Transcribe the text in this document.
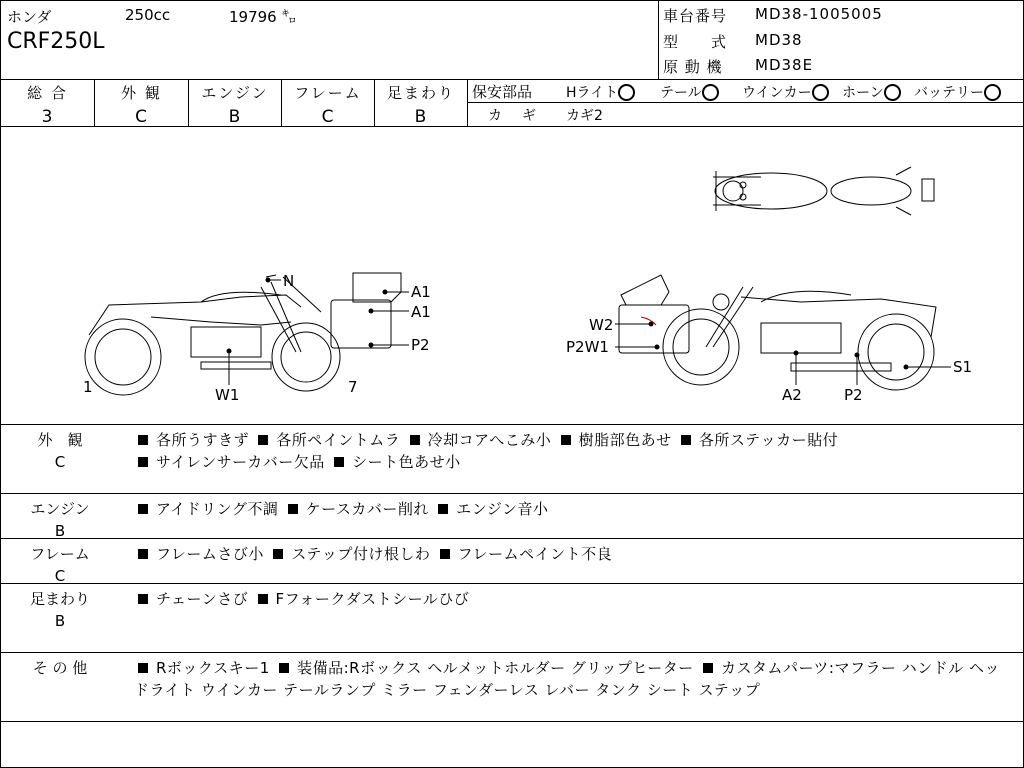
ホンダ	250cc	19796 ㌔
CRF250L
車台番号	MD38-1005005
型　　式	MD38
原 動 機	MD38E
総 合
3
外 観
C
エンジン
B
フレーム
C
足まわり
B
保安部品 Hライト	テール	ウインカー ホーン バッテリー
カ　ギ カギ2
N
A1
A1
P2
1	W1	7
W2
P2W1
S1
A2	P2
外　観
C
各所うすきず 各所ペイントムラ 冷却コアへこみ小 樹脂部色あせ 各所ステッカー貼付 サイレンサーカバー欠品 シート色あせ小
エンジン
B
アイドリング不調 ケースカバー削れ エンジン音小
フレーム
C
フレームさび小 ステップ付け根しわ フレームペイント不良
足まわり
B
チェーンさび Fフォークダストシールひび
そ の 他	Rボックスキー1 装備品:Rボックス ヘルメットホルダー グリップヒーター カスタムパーツ:マフラー ハンドル ヘッドライト ウインカー テールランプ ミラー フェンダーレス レバー タンク シート ステップ
